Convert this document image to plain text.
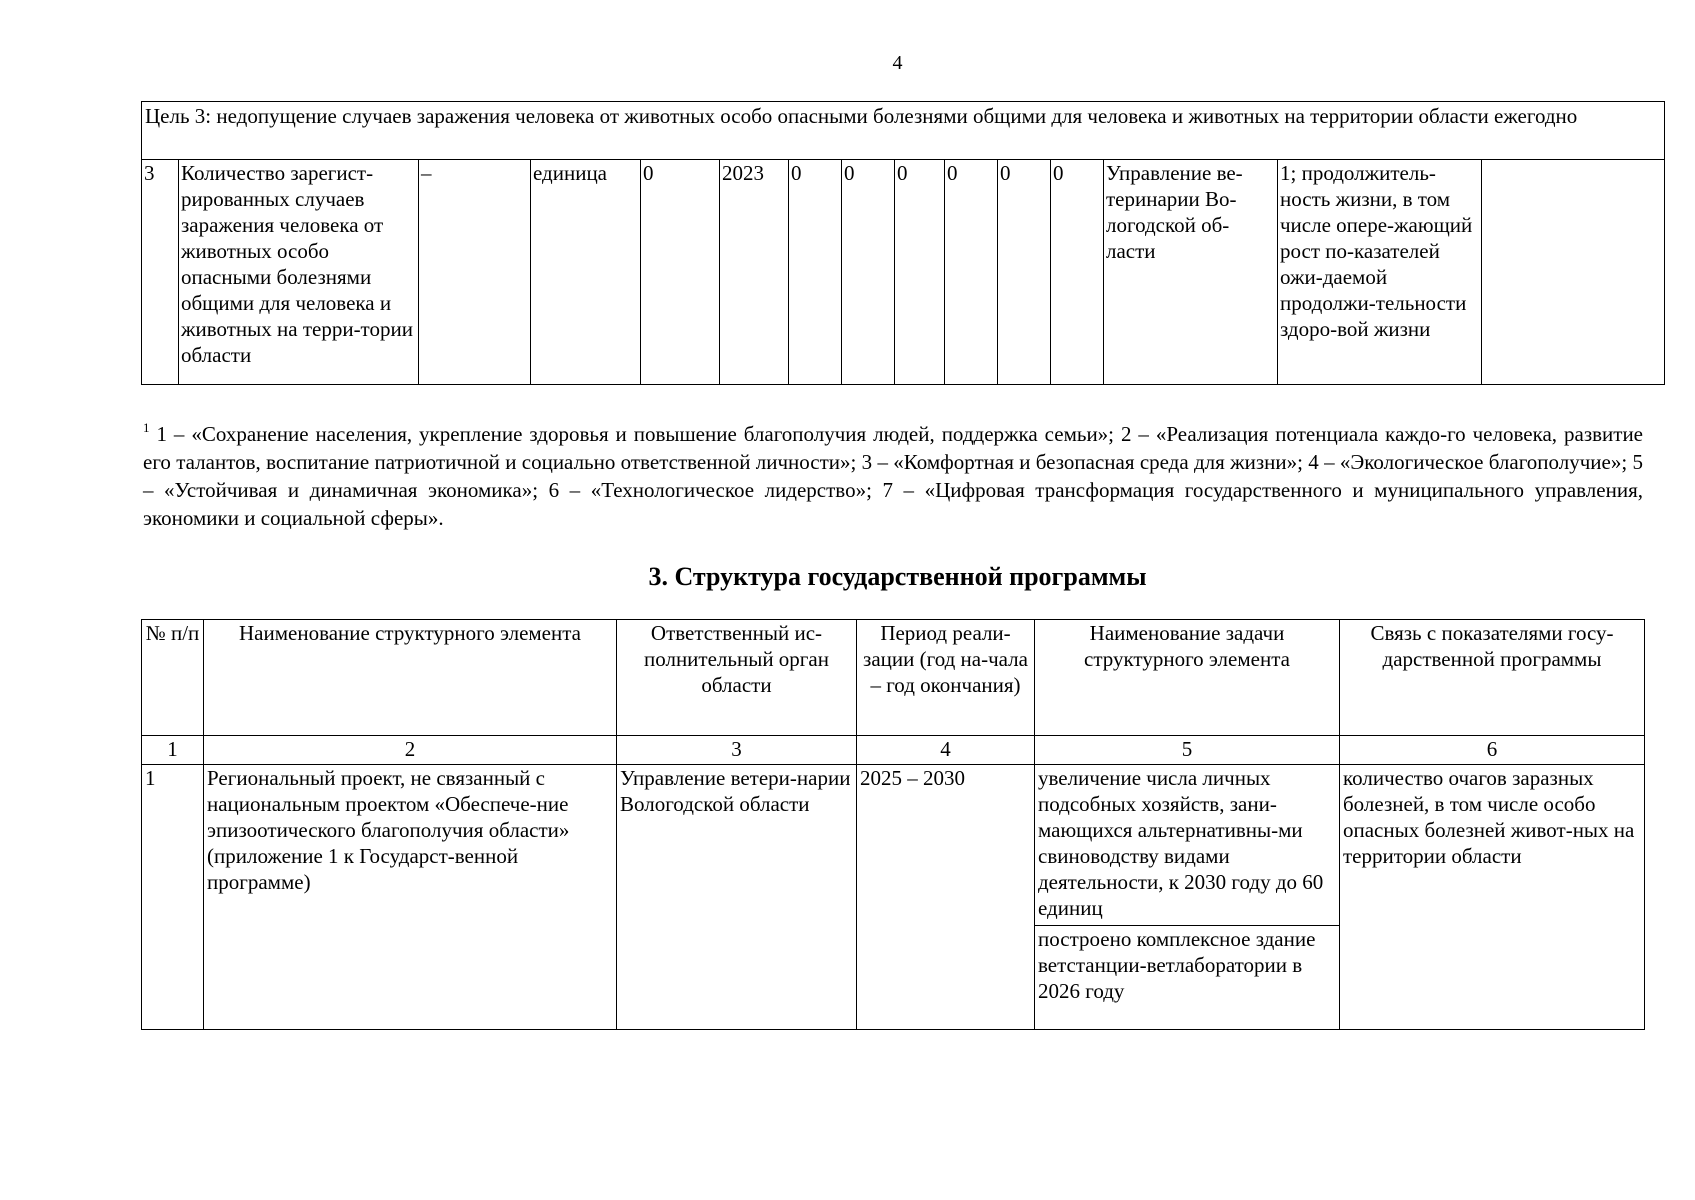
4
Цель 3: недопущение случаев заражения человека от животных особо опасными болезнями общими для человека и животных на территории области ежегодно
3	Количество зарегист-рированных случаев заражения человека от животных особо опасными болезнями общими для человека и животных на терри-тории области	–	единица	0	2023	0	0	0	0	0	0	Управление ве-теринарии Во-логодской об-ласти	1; продолжитель-ность жизни, в том числе опере-жающий рост по-казателей ожи-даемой продолжи-тельности здоро-вой жизни	
$^1$ 1 – «Сохранение населения, укрепление здоровья и повышение благополучия людей, поддержка семьи»; 2 – «Реализация потенциала каждо-го человека, развитие его талантов, воспитание патриотичной и социально ответственной личности»; 3 – «Комфортная и безопасная среда для жизни»; 4 – «Экологическое благополучие»; 5 – «Устойчивая и динамичная экономика»; 6 – «Технологическое лидерство»; 7 – «Цифровая трансформация государственного и муниципального управления, экономики и социальной сферы».
3. Структура государственной программы
№ п/п	Наименование структурного элемента	Ответственный ис-полнительный орган области	Период реали-зации (год на-чала – год окончания)	Наименование задачи структурного элемента	Связь с показателями госу-дарственной программы
1	2	3	4	5	6
1	Региональный проект, не связанный с национальным проектом «Обеспече-ние эпизоотического благополучия области» (приложение 1 к Государст-венной программе)	Управление ветери-нарии Вологодской области	2025 – 2030	увеличение числа личных подсобных хозяйств, зани-мающихся альтернативны-ми свиноводству видами деятельности, к 2030 году до 60 единиц	количество очагов заразных болезней, в том числе особо опасных болезней живот-ных на территории области
				построено комплексное здание ветстанции-ветлаборатории в 2026 году	
